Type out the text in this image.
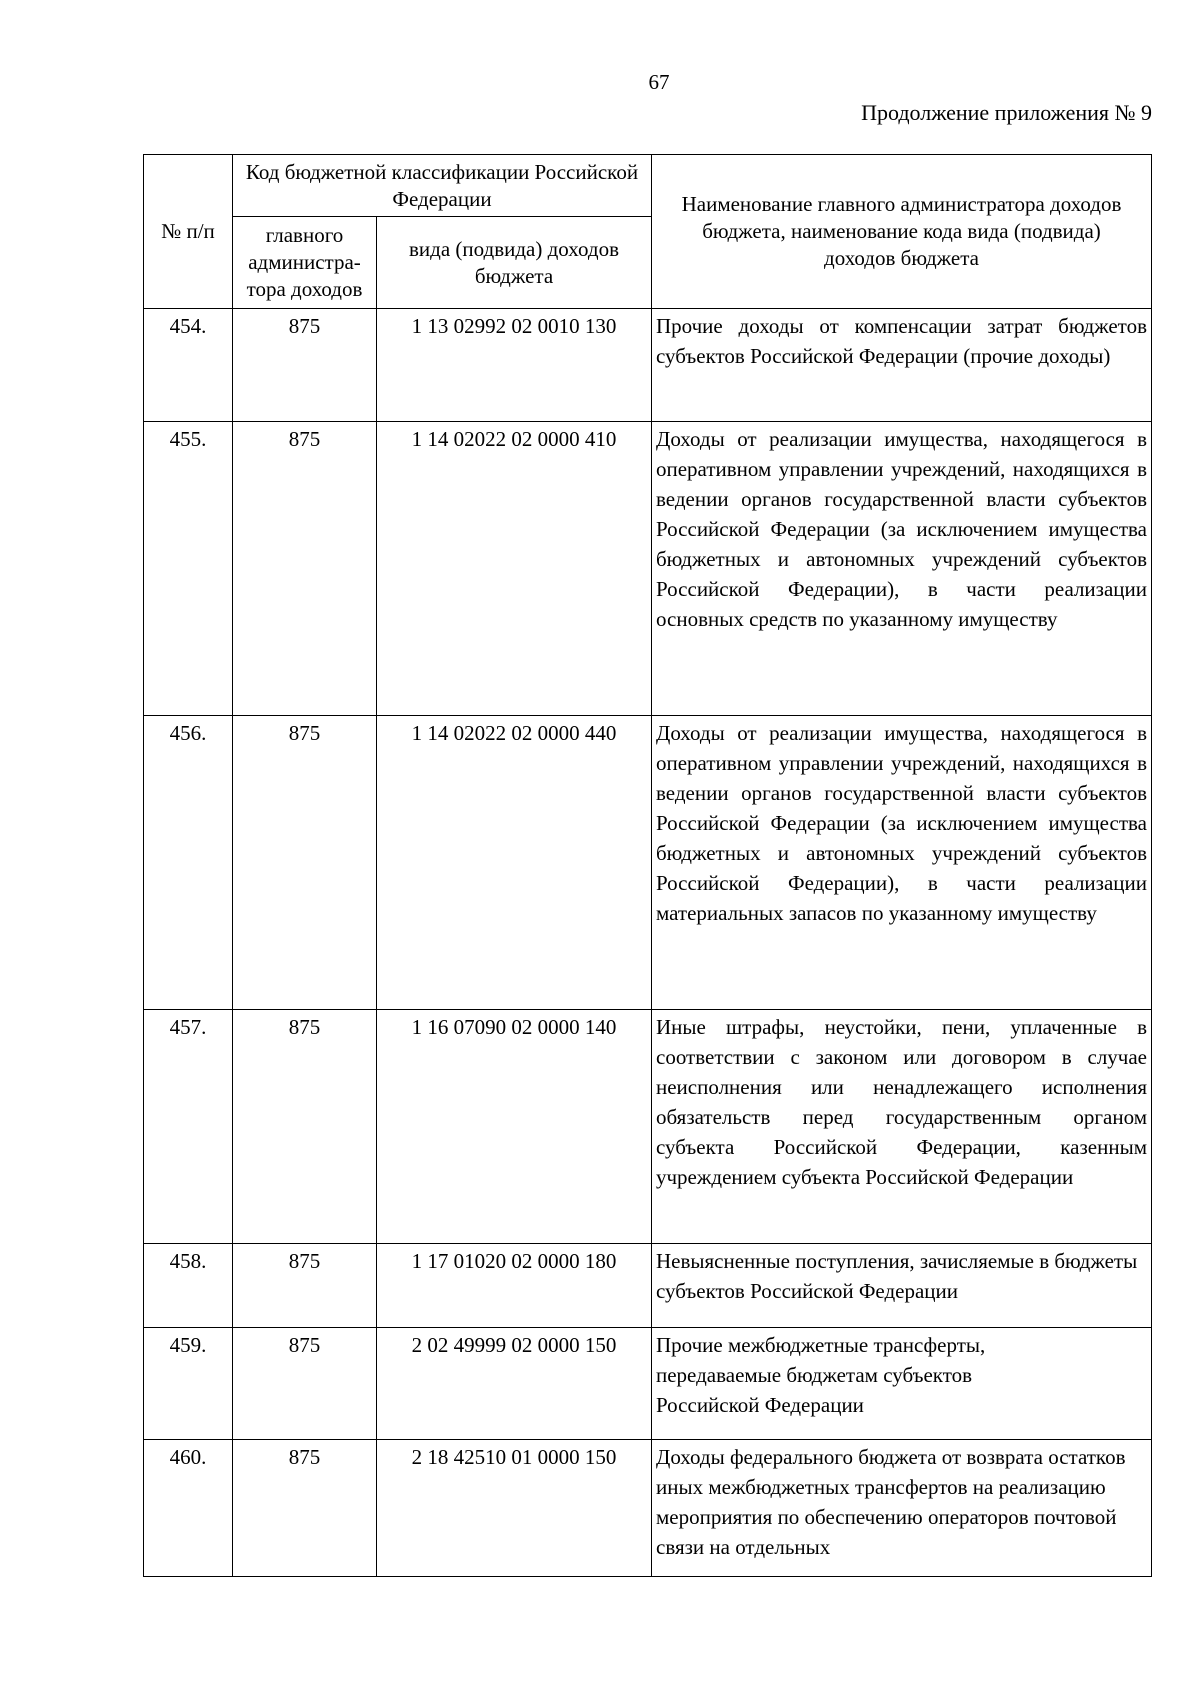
67
Продолжение приложения № 9
№ п/п	Код бюджетной классификации Российской Федерации		Наименование главного администратора доходов бюджета, наименование кода вида (подвида) доходов бюджета
	главного администра-тора доходов	вида (подвида) доходов бюджета	
454.	875	1 13 02992 02 0010 130	Прочие доходы от компенсации затрат бюджетов субъектов Российской Федерации (прочие доходы)
455.	875	1 14 02022 02 0000 410	Доходы от реализации имущества, находящегося в оперативном управлении учреждений, находящихся в ведении органов государственной власти субъектов Российской Федерации (за исключением имущества бюджетных и автономных учреждений субъектов Российской Федерации), в части реализации основных средств по указанному имуществу
456.	875	1 14 02022 02 0000 440	Доходы от реализации имущества, находящегося в оперативном управлении учреждений, находящихся в ведении органов государственной власти субъектов Российской Федерации (за исключением имущества бюджетных и автономных учреждений субъектов Российской Федерации), в части реализации материальных запасов по указанному имуществу
457.	875	1 16 07090 02 0000 140	Иные штрафы, неустойки, пени, уплаченные в соответствии с законом или договором в случае неисполнения или ненадлежащего исполнения обязательств перед государственным органом субъекта Российской Федерации, казенным учреждением субъекта Российской Федерации
458.	875	1 17 01020 02 0000 180	Невыясненные поступления, зачисляемые в бюджеты субъектов Российской Федерации
459.	875	2 02 49999 02 0000 150	Прочие межбюджетные трансферты, передаваемые бюджетам субъектов Российской Федерации
460.	875	2 18 42510 01 0000 150	Доходы федерального бюджета от возврата остатков иных межбюджетных трансфертов на реализацию мероприятия по обеспечению операторов почтовой связи на отдельных
